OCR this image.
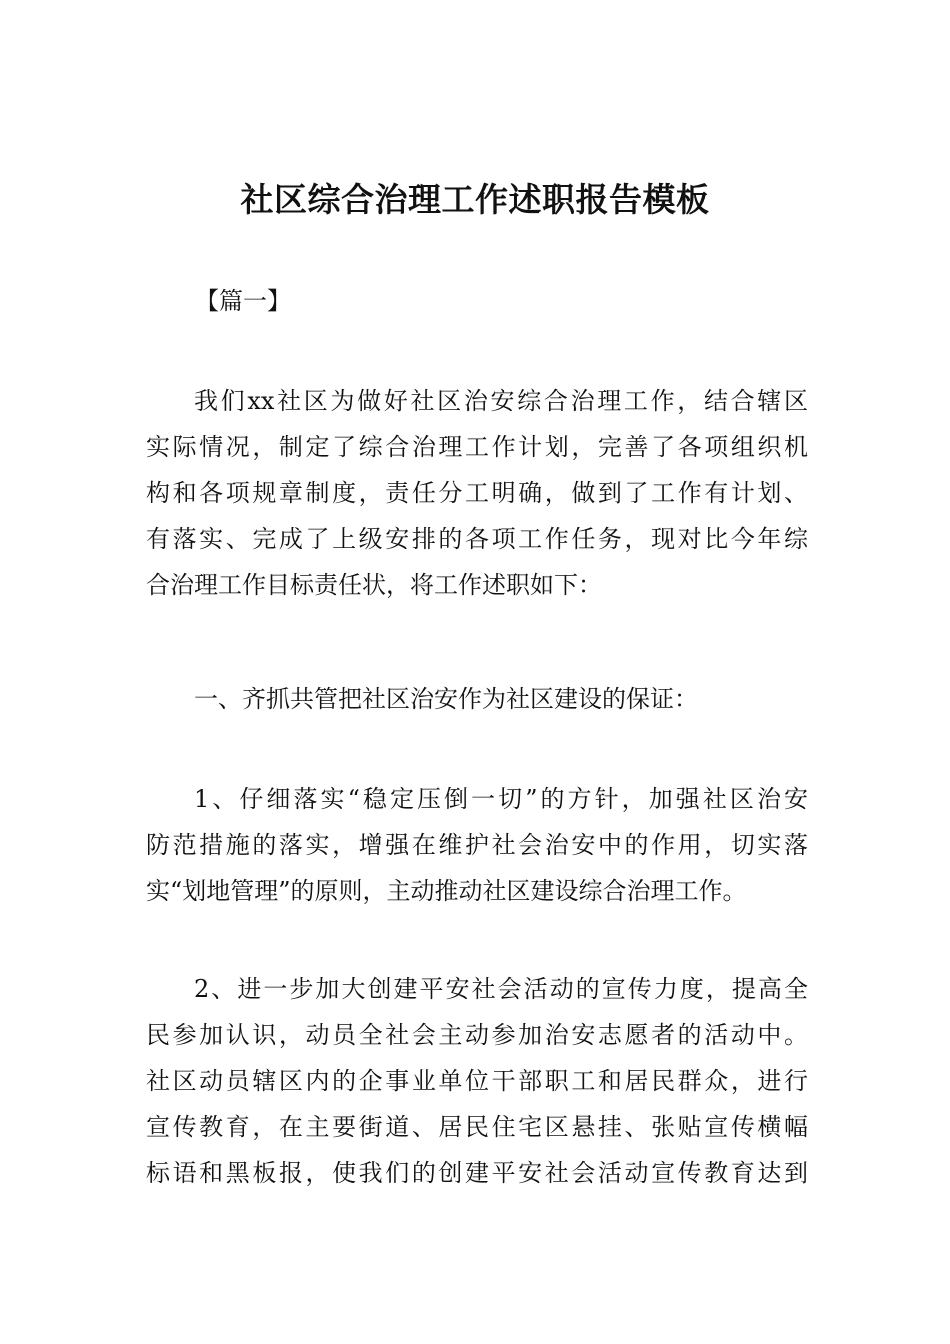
社区综合治理工作述职报告模板

【篇一】

我们xx社区为做好社区治安综合治理工作，结合辖区
实际情况，制定了综合治理工作计划，完善了各项组织机
构和各项规章制度，责任分工明确，做到了工作有计划、
有落实、完成了上级安排的各项工作任务，现对比今年综
合治理工作目标责任状，将工作述职如下：
一、齐抓共管把社区治安作为社区建设的保证：
1、仔细落实“稳定压倒一切”的方针，加强社区治安
防范措施的落实，增强在维护社会治安中的作用，切实落
实“划地管理”的原则，主动推动社区建设综合治理工作。
2、进一步加大创建平安社会活动的宣传力度，提高全
民参加认识，动员全社会主动参加治安志愿者的活动中。
社区动员辖区内的企事业单位干部职工和居民群众，进行
宣传教育，在主要街道、居民住宅区悬挂、张贴宣传横幅
标语和黑板报，使我们的创建平安社会活动宣传教育达到
